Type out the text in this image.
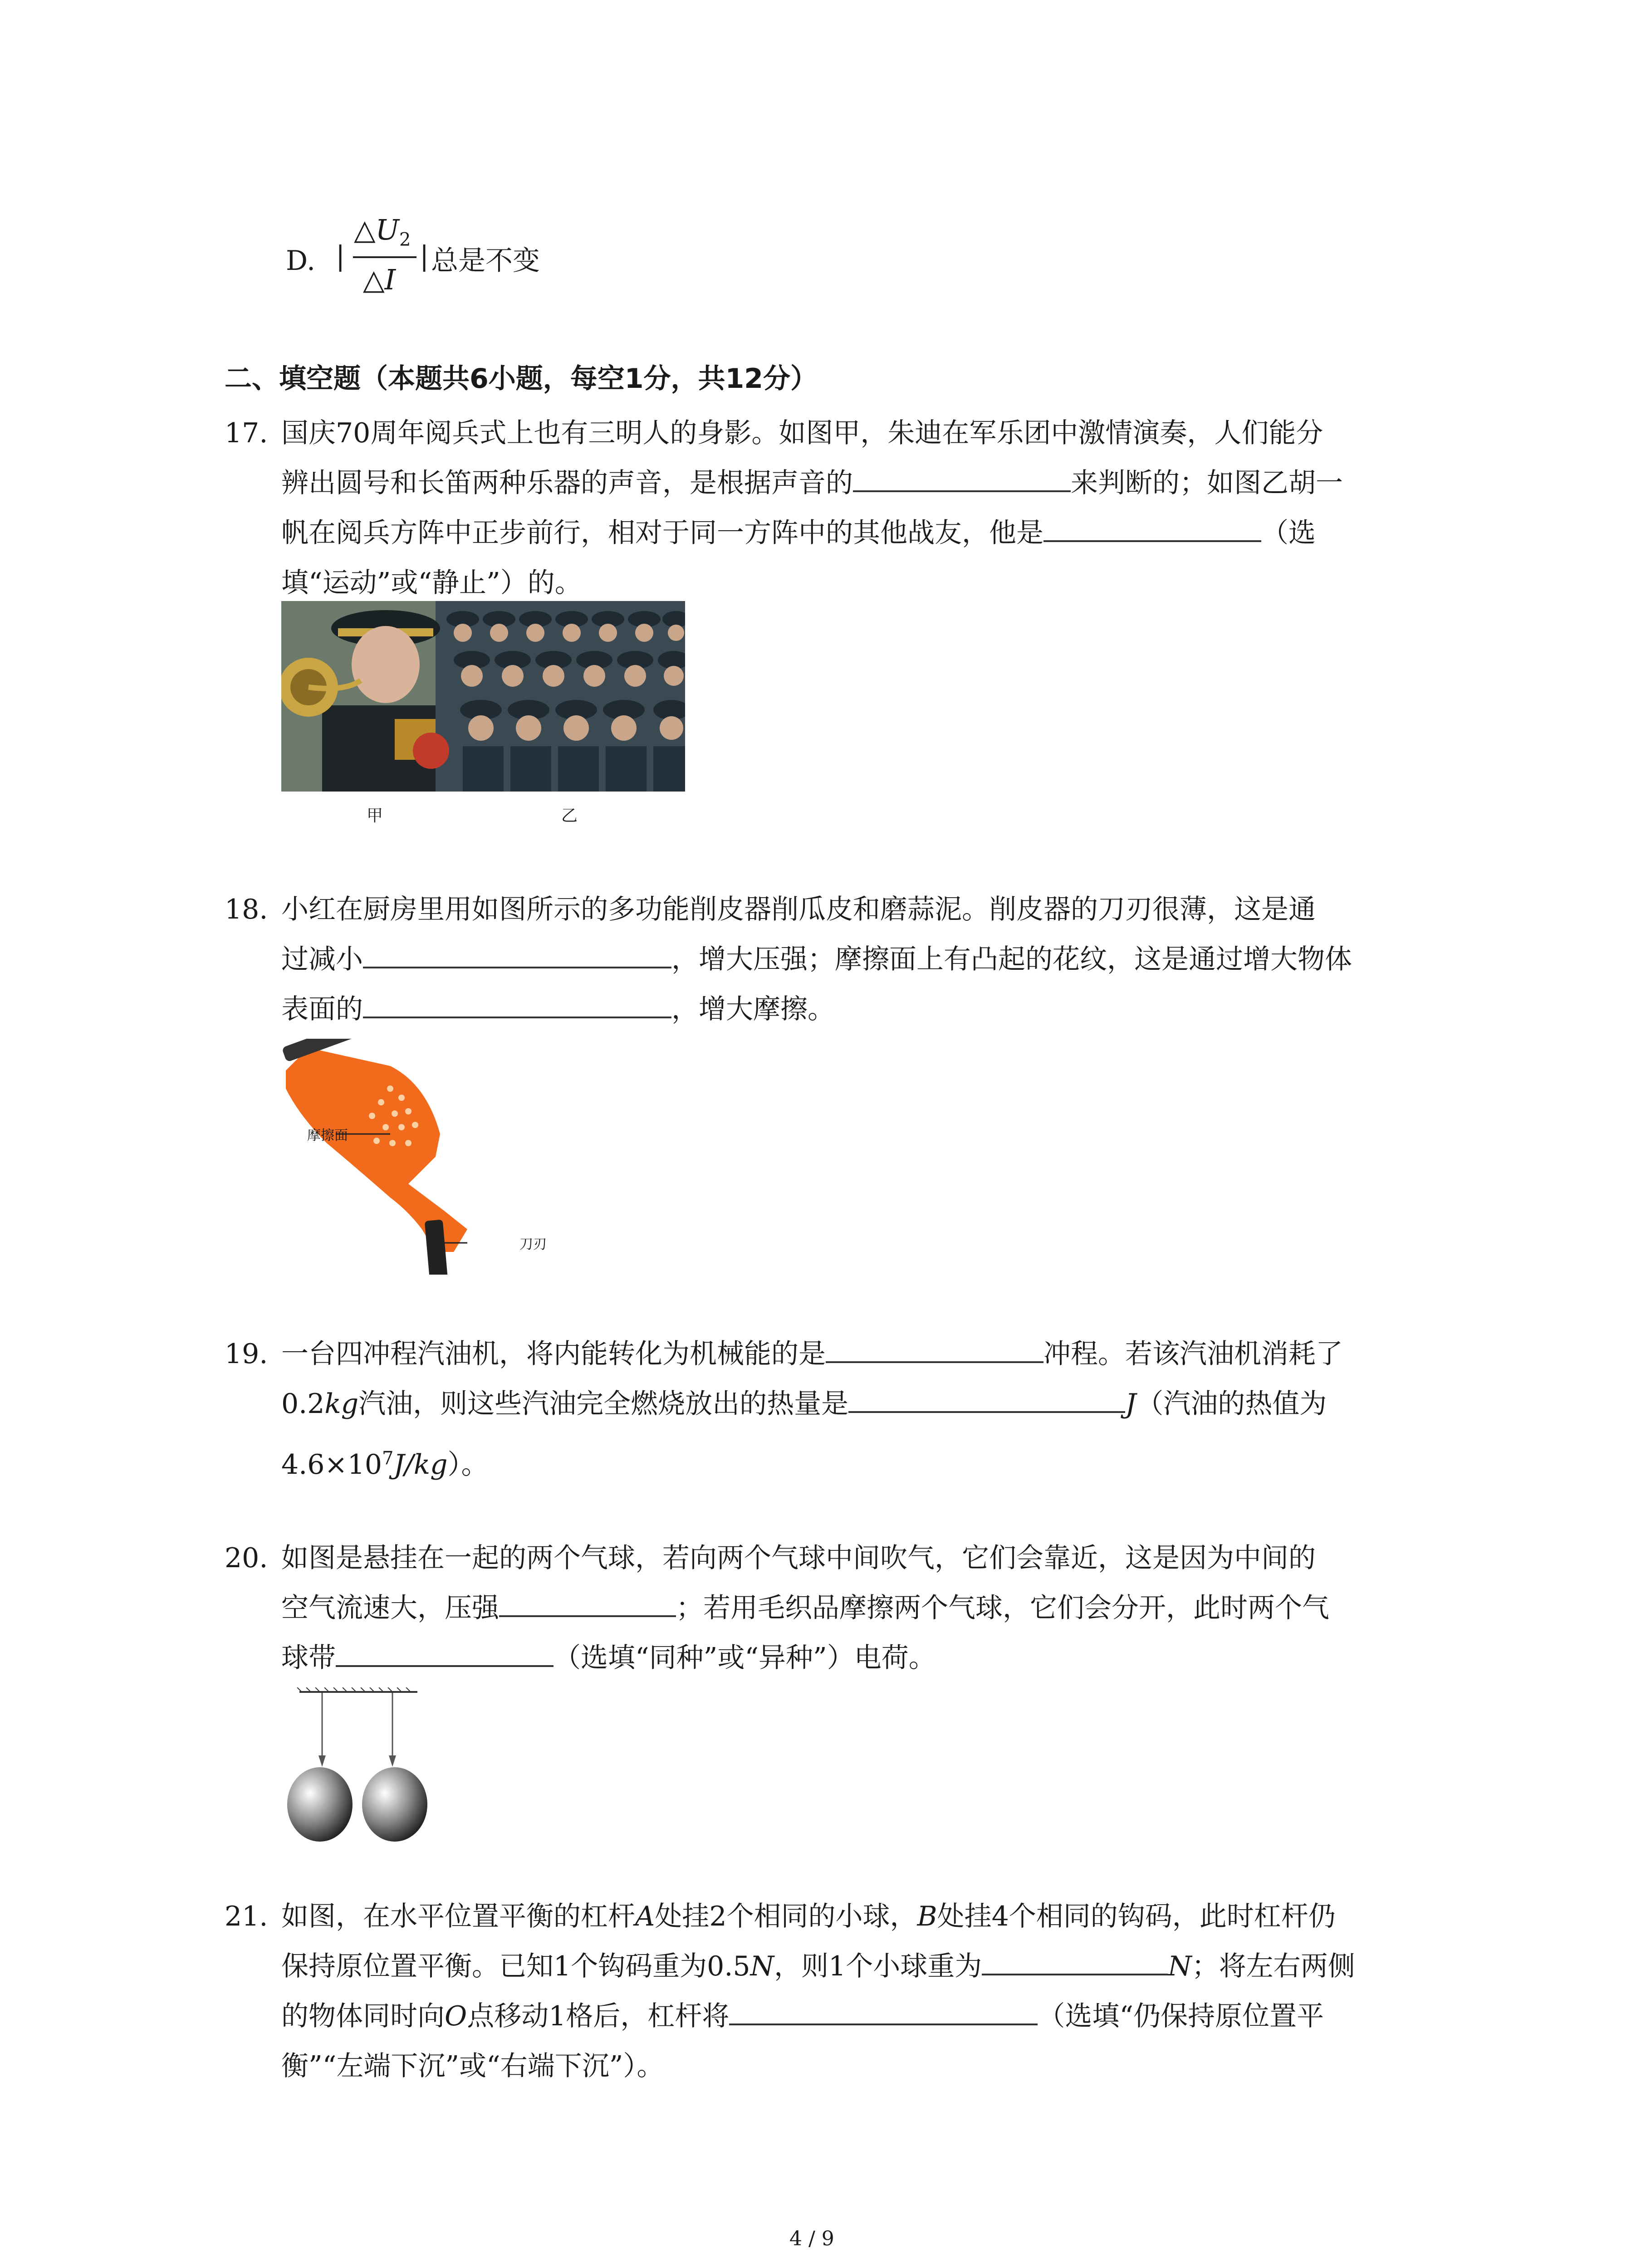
D. |
$\triangle U_2$
△I
| 总是不变
二、填空题（本题共6小题，每空1分，共12分）
17. 国庆70周年阅兵式上也有三明人的身影。如图甲，朱迪在军乐团中激情演奏，人们能分
辨出圆号和长笛两种乐器的声音，是根据声音的	来判断的；如图乙胡一
帆在阅兵方阵中正步前行，相对于同一方阵中的其他战友，他是	（选
填“运动”或“静止”）的。
甲	乙
18. 小红在厨房里用如图所示的多功能削皮器削瓜皮和磨蒜泥。削皮器的刀刃很薄，这是通
过减小	，增大压强；摩擦面上有凸起的花纹，这是通过增大物体
表面的	，增大摩擦。
摩擦面
刀刃
19. 一台四冲程汽油机，将内能转化为机械能的是	冲程。若该汽油机消耗了
0.2kg汽油，则这些汽油完全燃烧放出的热量是	J（汽油的热值为
$4.6\times 10^7J/kg$）。
20. 如图是悬挂在一起的两个气球，若向两个气球中间吹气，它们会靠近，这是因为中间的
空气流速大，压强	；若用毛织品摩擦两个气球，它们会分开，此时两个气
球带	（选填“同种”或“异种”）电荷。
21. 如图，在水平位置平衡的杠杆A处挂2个相同的小球，B处挂4个相同的钩码，此时杠杆仍
保持原位置平衡。已知1个钩码重为0.5N，则1个小球重为	N；将左右两侧
的物体同时向O点移动1格后，杠杆将	（选填“仍保持原位置平
衡”“左端下沉”或“右端下沉”）。
4 / 9
